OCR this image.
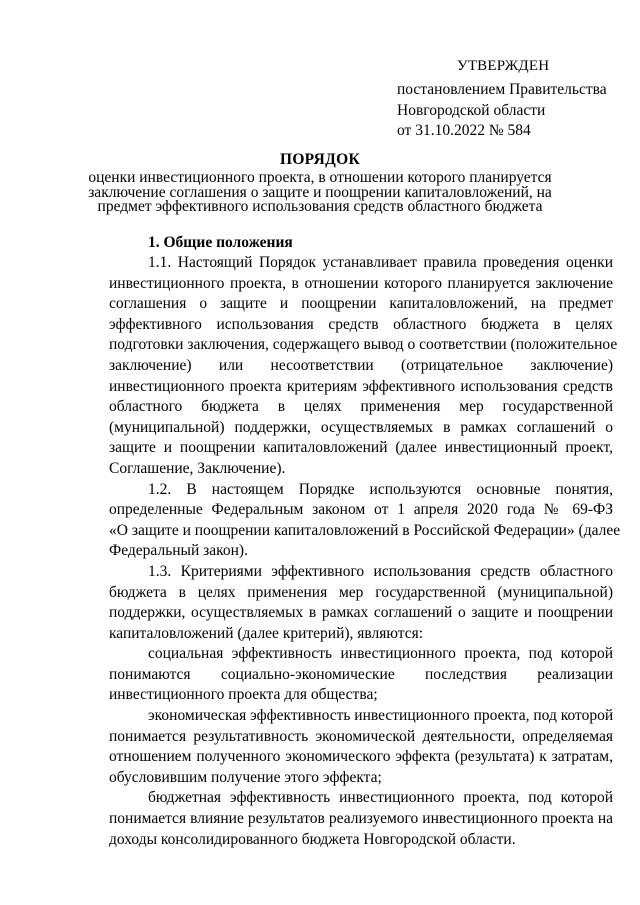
УТВЕРЖДЕН
постановлением Правительства
Новгородской области
от 31.10.2022 № 584
ПОРЯДОК
оценки инвестиционного проекта, в отношении которого планируется
заключение соглашения о защите и поощрении капиталовложений, на
предмет эффективного использования средств областного бюджета
1. Общие положения
1.1. Настоящий Порядок устанавливает правила проведения оценки
инвестиционного проекта, в отношении которого планируется заключение
соглашения о защите и поощрении капиталовложений, на предмет
эффективного использования средств областного бюджета в целях
подготовки заключения, содержащего вывод о соответствии (положительное
заключение) или несоответствии (отрицательное заключение)
инвестиционного проекта критериям эффективного использования средств
областного бюджета в целях применения мер государственной
(муниципальной) поддержки, осуществляемых в рамках соглашений о
защите и поощрении капиталовложений (далее инвестиционный проект,
Соглашение, Заключение).
1.2. В настоящем Порядке используются основные понятия,
определенные Федеральным законом от 1 апреля 2020 года № 69-ФЗ
«О защите и поощрении капиталовложений в Российской Федерации» (далее
Федеральный закон).
1.3. Критериями эффективного использования средств областного
бюджета в целях применения мер государственной (муниципальной)
поддержки, осуществляемых в рамках соглашений о защите и поощрении
капиталовложений (далее критерий), являются:
социальная эффективность инвестиционного проекта, под которой
понимаются социально-экономические последствия реализации
инвестиционного проекта для общества;
экономическая эффективность инвестиционного проекта, под которой
понимается результативность экономической деятельности, определяемая
отношением полученного экономического эффекта (результата) к затратам,
обусловившим получение этого эффекта;
бюджетная эффективность инвестиционного проекта, под которой
понимается влияние результатов реализуемого инвестиционного проекта на
доходы консолидированного бюджета Новгородской области.
